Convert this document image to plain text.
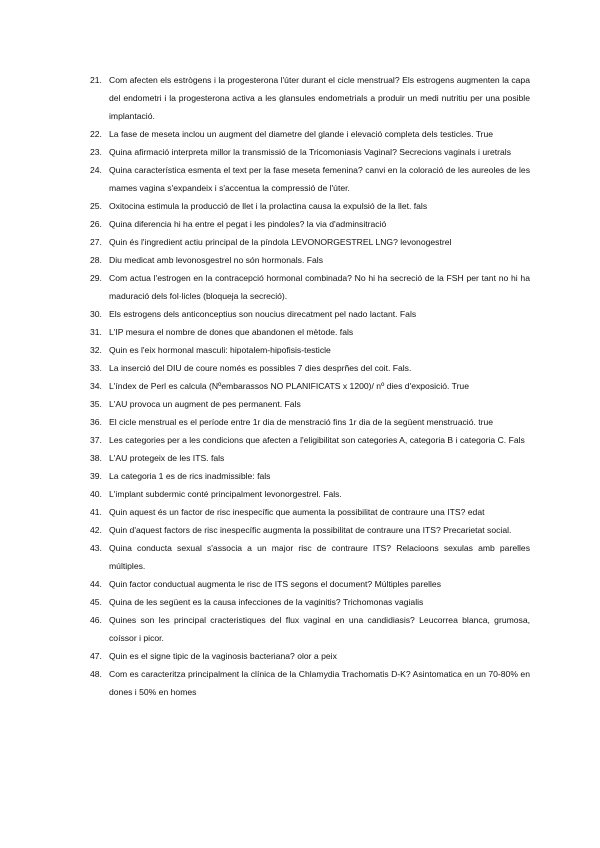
21. Com afecten els estrògens i la progesterona l'úter durant el cicle menstrual? Els estrogens augmenten la capa del endometri i la progesterona activa a les glansules endometrials a produir un medi nutritiu per una posible implantació.
22. La fase de meseta inclou un augment del diametre del glande i elevació completa dels testicles. True
23. Quina afirmació interpreta millor la transmissió de la Tricomoniasis Vaginal? Secrecions vaginals i uretrals
24. Quina característica esmenta el text per la fase meseta femenina? canvi en la coloració de les aureoles de les mames vagina s'expandeix i s'accentua la compressió de l'úter.
25. Oxitocina estimula la producció de llet i la prolactina causa la expulsió de la llet. fals
26. Quina diferencia hi ha entre el pegat i les pindoles? la via d'adminsitració
27. Quin és l'ingredient actiu principal de la píndola LEVONORGESTREL LNG? levonogestrel
28. Diu medicat amb levonosgestrel no són hormonals. Fals
29. Com actua l'estrogen en la contracepció hormonal combinada? No hi ha secreció de la FSH per tant no hi ha maduració dels fol·licles (bloqueja la secreció).
30. Els estrogens dels anticonceptius son noucius direcatment pel nado lactant. Fals
31. L'IP mesura el nombre de dones que abandonen el mètode. fals
32. Quin es l'eix hormonal masculi: hipotalem-hipofisis-testicle
33. La inserció del DIU de coure només es possibles 7 dies desprñes del coit. Fals.
34. L'índex de Perl es calcula (Nºembarassos NO PLANIFICATS x 1200)/ nº dies d'exposició. True
35. L'AU provoca un augment de pes permanent. Fals
36. El cicle menstrual es el període entre 1r dia de menstració fins 1r dia de la següent menstruació. true
37. Les categories per a les condicions que afecten a l'eligibilitat son categories A, categoria B i categoria C. Fals
38. L'AU protegeix de les ITS. fals
39. La categoria 1 es de rics inadmissible: fals
40. L'implant subdermic conté principalment levonorgestrel. Fals.
41. Quin aquest és un factor de risc inespecífic que aumenta la possibilitat de contraure una ITS? edat
42. Quin d'aquest factors de risc inespecífic augmenta la possibilitat de contraure una ITS? Precarietat social.
43. Quina conducta sexual s'associa a un major risc de contraure ITS? Relacioons sexulas amb parelles múltiples.
44. Quin factor conductual augmenta le risc de ITS segons el document? Múltiples parelles
45. Quina de les següent es la causa infecciones de la vaginitis? Trichomonas vagialis
46. Quines son les principal cracteristiques del flux vaginal en una candidiasis? Leucorrea blanca, grumosa, coíssor i picor.
47. Quin es el signe tipic de la vaginosis bacteriana? olor a peix
48. Com es caracteritza principalment la clínica de la Chlamydia Trachomatis D-K? Asintomatica en un 70-80% en dones i 50% en homes
